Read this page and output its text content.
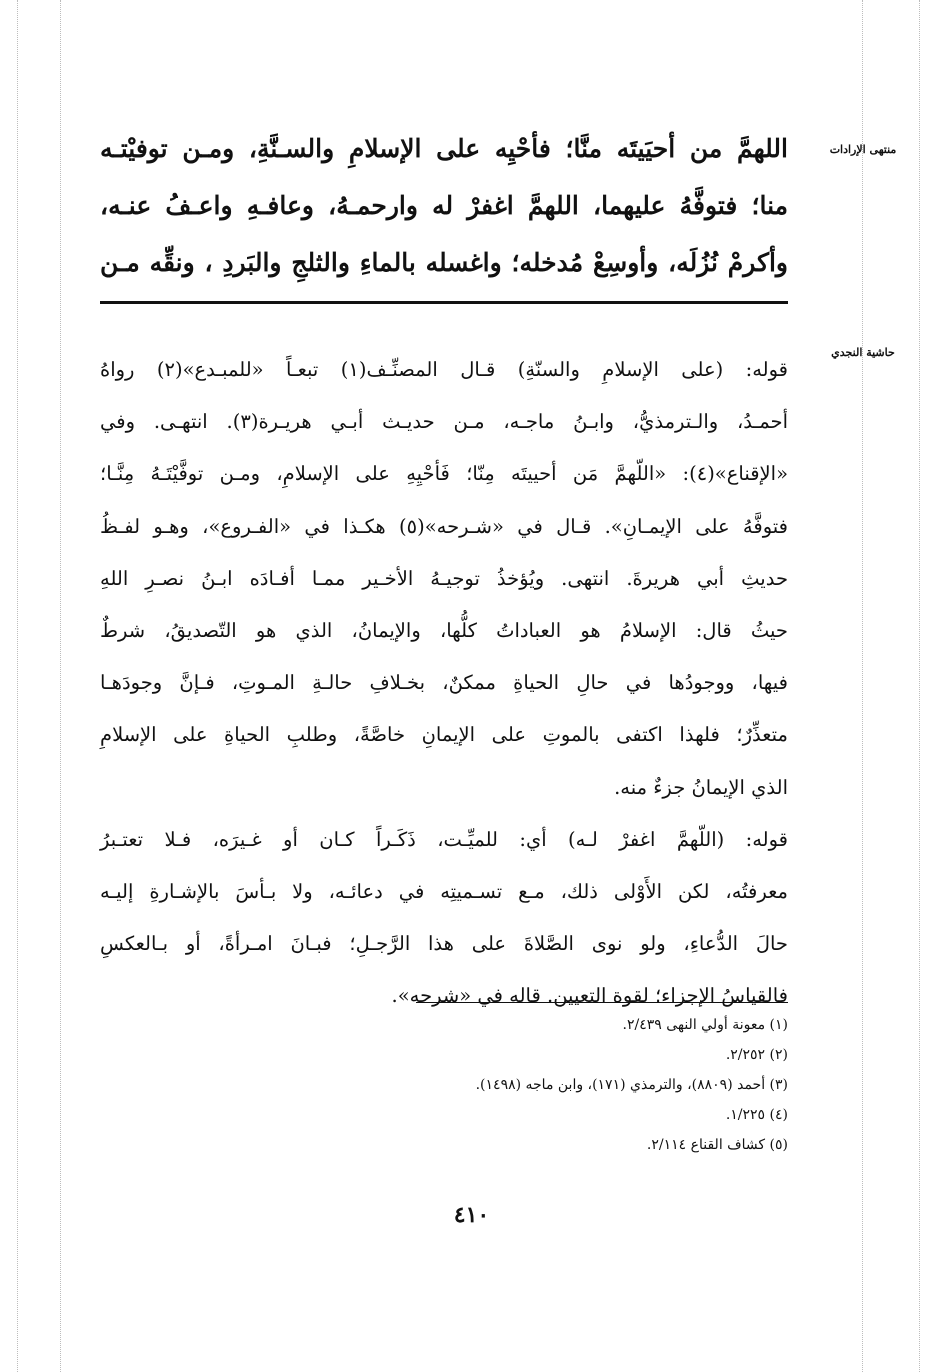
منتهى الإرادات
حاشية النجدي
اللهمَّ من أحيَيتَه منَّا؛ فأحْيِه على الإسلامِ والسـنَّةِ، ومـن توفيْتـه
منا؛ فتوفَّهُ عليهما، اللهمَّ اغفرْ له وارحمـهُ، وعافـهِ واعـفُ عنـه،
وأكرمْ نُزُلَه، وأوسِعْ مُدخله؛ واغسله بالماءِ والثلجِ والبَردِ ، ونقِّه مـن
قوله: (على الإسلامِ والسنّةِ) قـال المصنِّـف(١) تبعـاً «للمبـدع»(٢) رواهُ
أحمـدُ، والـترمذيُّ، وابـنُ ماجـه، مـن حديـث أبـي هريـرة(٣). انتهـى. وفي
«الإقناع»(٤): «اللّهمَّ مَن أحييتَه مِنّا؛ فَأحْيِهِ على الإسلامِ، ومـن توفَّيْتَـهُ مِنَّـا؛
فتوفَّهُ على الإيمـانِ». قـال في «شـرحه»(٥) هكـذا في «الفـروع»، وهـو لفـظُ
حديثِ أبي هريرةَ. انتهى. ويُؤخذُ توجيـهُ الأخـير ممـا أفـادَه ابـنُ نصـرِ اللهِ
حيثُ قال: الإسلامُ هو العباداتُ كلُّها، والإيمانُ، الذي هو التّصديقُ، شرطٌ
فيها، ووجودُها في حالِ الحياةِ ممكنٌ، بخـلافِ حالـةِ المـوتِ، فـإنَّ وجودَهـا
متعذِّرٌ؛ فلهذا اكتفى بالموتِ على الإيمانِ خاصَّةً، وطلبِ الحياةِ على الإسلامِ
الذي الإيمانُ جزءٌ منه.
قوله: (اللّهمَّ اغفرْ لـه) أي: للميِّـت، ذَكَـراً كـان أو غـيرَه، فـلا تعتـبرُ
معرفتُه، لكن الأَوْلى ذلك، مـع تسـميتِه في دعائـه، ولا بـأسَ بالإشـارةِ إليـه
حالَ الدُّعاءِ، ولو نوى الصَّلاةَ على هذا الرَّجـلِ؛ فبـانَ امـرأةً، أو بـالعكسِ
فالقياسُ الإجزاء؛ لقوة التعيين. قاله في «شرحه».
(١) معونة أولي النهى ٢/٤٣٩.
(٢) ٢/٢٥٢.
(٣) أحمد (٨٨٠٩)، والترمذي (١٧١)، وابن ماجه (١٤٩٨).
(٤) ١/٢٢٥.
(٥) كشاف القناع ٢/١١٤.
٤١٠
